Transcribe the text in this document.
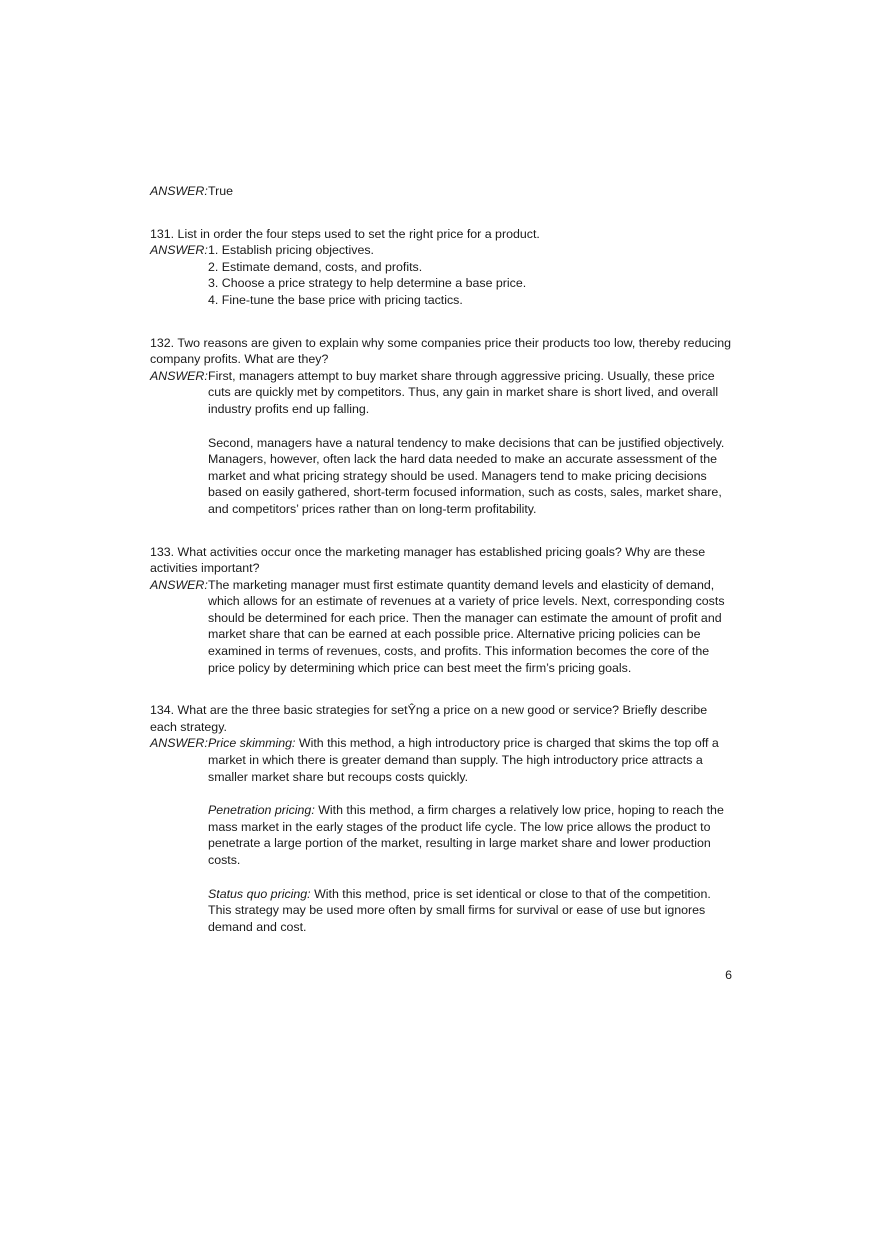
ANSWER: True

131. List in order the four steps used to set the right price for a product.

ANSWER: 1. Establish pricing objectives.

2. Estimate demand, costs, and profits.

3. Choose a price strategy to help determine a base price.

4. Fine-tune the base price with pricing tactics.

132. Two reasons are given to explain why some companies price their products too low, thereby reducing company profits. What are they?

ANSWER: First, managers attempt to buy market share through aggressive pricing. Usually, these price cuts are quickly met by competitors. Thus, any gain in market share is short lived, and overall industry profits end up falling.

Second, managers have a natural tendency to make decisions that can be justified objectively. Managers, however, often lack the hard data needed to make an accurate assessment of the market and what pricing strategy should be used. Managers tend to make pricing decisions based on easily gathered, short-term focused information, such as costs, sales, market share, and competitors’ prices rather than on long-term profitability.

133. What activities occur once the marketing manager has established pricing goals? Why are these activities important?

ANSWER: The marketing manager must first estimate quantity demand levels and elasticity of demand, which allows for an estimate of revenues at a variety of price levels. Next, corresponding costs should be determined for each price. Then the manager can estimate the amount of profit and market share that can be earned at each possible price. Alternative pricing policies can be examined in terms of revenues, costs, and profits. This information becomes the core of the price policy by determining which price can best meet the firm’s pricing goals.

134. What are the three basic strategies for setŶng a price on a new good or service? Briefly describe each strategy.

ANSWER: Price skimming: With this method, a high introductory price is charged that skims the top off a market in which there is greater demand than supply. The high introductory price attracts a smaller market share but recoups costs quickly.

Penetration pricing: With this method, a firm charges a relatively low price, hoping to reach the mass market in the early stages of the product life cycle. The low price allows the product to penetrate a large portion of the market, resulting in large market share and lower production costs.

Status quo pricing: With this method, price is set identical or close to that of the competition. This strategy may be used more often by small firms for survival or ease of use but ignores demand and cost.

6
